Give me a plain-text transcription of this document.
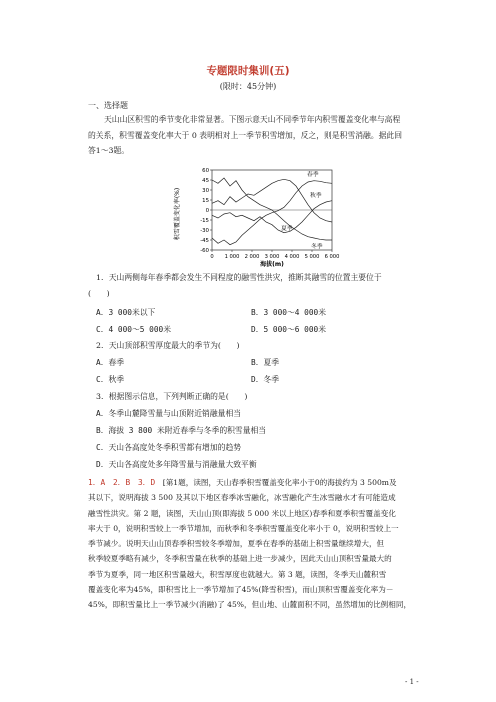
专题限时集训(五)
(限时：45分钟)
一、选择题

天山山区积雪的季节变化非常显著。下图示意天山不同季节年内积雪覆盖变化率与高程

的关系，积雪覆盖变化率大于 0 表明相对上一季节积雪增加，反之，则是积雪消融。据此回

答1～3题。

春季
夏季
秋季
冬季
60
45
30
15
0
-15
-30
-45
-60
0 1 000 2 000 3 000 4 000 5 000 6 000
积雪覆盖变化率(%)
海拔(m)
1．天山两侧每年春季都会发生不同程度的融雪性洪灾，推断其融雪的位置主要位于
(　　)
A．3 000米以下	B．3 000～4 000米
C．4 000～5 000米	D．5 000～6 000米
2．天山顶部积雪厚度最大的季节为(　　)
A．春季	B．夏季
C．秋季	D．冬季
3．根据图示信息，下列判断正确的是(　　)
A．冬季山麓降雪量与山顶附近销融量相当
B．海拔 3 800 米附近春季与冬季的积雪量相当
C．天山各高度处冬季积雪都有增加的趋势
D．天山各高度处多年降雪量与消融量大致平衡

1．A　2．B　3．D　 [第1题，读图，天山春季积雪覆盖变化率小于0的海拔约为 3 500m及

其以下，说明海拔 3 500 及其以下地区春季冰雪融化，冰雪融化产生冰雪融水才有可能造成

融雪性洪灾。第 2 题，读图，天山山顶(即海拔 5 000 米以上地区)春季和夏季积雪覆盖变化

率大于 0，说明积雪较上一季节增加，而秋季和冬季积雪覆盖变化率小于 0，说明积雪较上一

季节减少。说明天山山顶春季积雪较冬季增加，夏季在春季的基础上积雪量继续增大，但

秋季较夏季略有减少，冬季积雪量在秋季的基础上进一步减少，因此天山山顶积雪量最大的

季节为夏季，同一地区积雪量越大，积雪厚度也就越大。第 3 题，读图，冬季天山麓积雪

覆盖变化率为45%，即积雪比上一季节增加了45%(降雪积雪)，而山顶积雪覆盖变化率为－

45%，即积雪量比上一季节减少(消融)了 45%，但山地、山麓面积不同，虽然增加的比例相同，

- 1 -
